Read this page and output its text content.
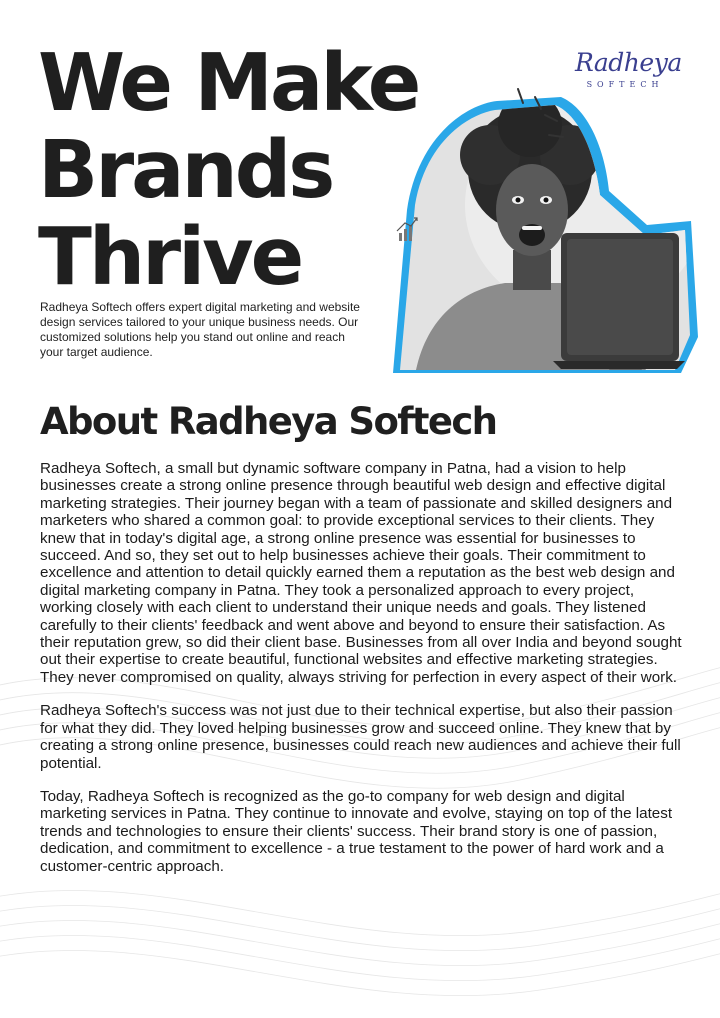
We Make
Brands
Thrive

Radheya Softech offers expert digital marketing and website design services tailored to your unique business needs. Our customized solutions help you stand out online and reach your target audience.

Radheya
SOFTECH
About Radheya Softech

Radheya Softech, a small but dynamic software company in Patna, had a vision to help businesses create a strong online presence through beautiful web design and effective digital marketing strategies. Their journey began with a team of passionate and skilled designers and marketers who shared a common goal: to provide exceptional services to their clients. They knew that in today's digital age, a strong online presence was essential for businesses to succeed. And so, they set out to help businesses achieve their goals. Their commitment to excellence and attention to detail quickly earned them a reputation as the best web design and digital marketing company in Patna. They took a personalized approach to every project, working closely with each client to understand their unique needs and goals. They listened carefully to their clients' feedback and went above and beyond to ensure their satisfaction. As their reputation grew, so did their client base. Businesses from all over India and beyond sought out their expertise to create beautiful, functional websites and effective marketing strategies. They never compromised on quality, always striving for perfection in every aspect of their work.

Radheya Softech's success was not just due to their technical expertise, but also their passion for what they did. They loved helping businesses grow and succeed online. They knew that by creating a strong online presence, businesses could reach new audiences and achieve their full potential.

Today, Radheya Softech is recognized as the go-to company for web design and digital marketing services in Patna. They continue to innovate and evolve, staying on top of the latest trends and technologies to ensure their clients' success. Their brand story is one of passion, dedication, and commitment to excellence - a true testament to the power of hard work and a customer-centric approach.
